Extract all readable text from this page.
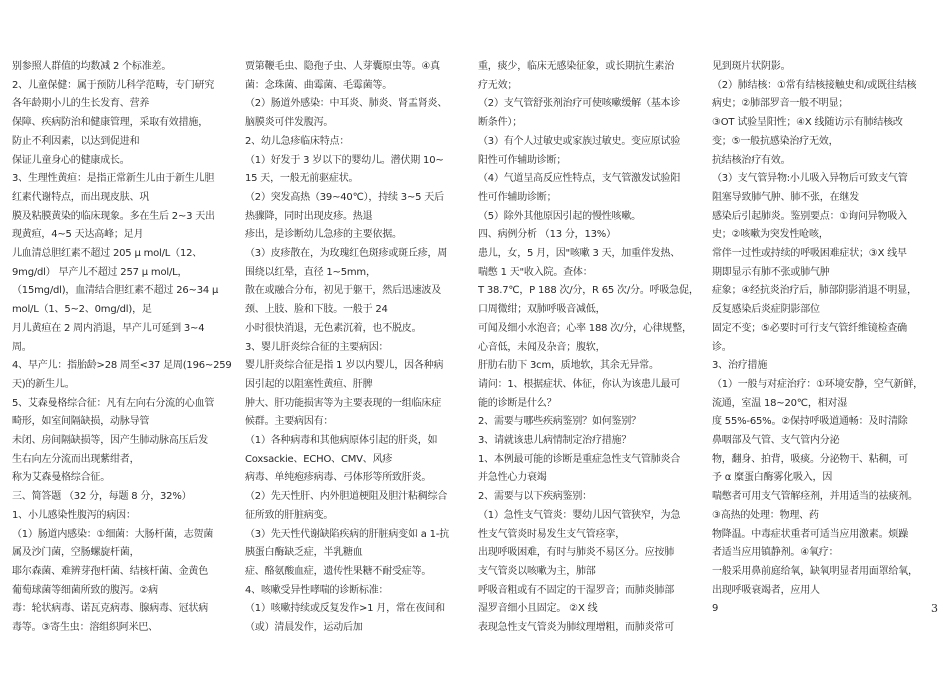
别参照人群值的均数减 2 个标准差。
2、儿童保健：属于预防儿科学范畴，专门研究
各年龄期小儿的生长发育、营养
保障、疾病防治和健康管理，采取有效措施，
防止不利因素，以达到促进和
保证儿童身心的健康成长。
3、生理性黄疸：是指正常新生儿由于新生儿胆
红素代谢特点，而出现皮肤、巩
膜及粘膜黄染的临床现象。多在生后 2~3 天出
现黄疸，4~5 天达高峰；足月
儿血清总胆红素不超过 205 μ mol/L（12、
9mg/dl） 早产儿不超过 257 μ mol/L，
（15mg/dl)，血清结合胆红素不超过 26~34 μ
mol/L（1、5~2、0mg/dl)，足
月儿黄疸在 2 周内消退，早产儿可延到 3~4
周。
4、早产儿：指胎龄>28 周至<37 足周(196~259
天)的新生儿。
5、艾森曼格综合征：凡有左向右分流的心血管
畸形，如室间隔缺损，动脉导管
未闭、房间隔缺损等，因产生肺动脉高压后发
生右向左分流而出现紫绀者，
称为艾森曼格综合征。
三、简答题 （32 分，每题 8 分，32%）
1、小儿感染性腹泻的病因：
（1）肠道内感染：①细菌：大肠杆菌，志贺菌
属及沙门菌，空肠螺旋杆菌，
耶尔森菌、难辨芽孢杆菌、结核杆菌、金黄色
葡萄球菌等细菌所致的腹泻。②病
毒：轮状病毒、诺瓦克病毒、腺病毒、冠状病
毒等。③寄生虫：溶组织阿米巴、
贾第鞭毛虫、隐孢子虫、人芽囊原虫等。④真
菌：念珠菌、曲霉菌、毛霉菌等。
（2）肠道外感染：中耳炎、肺炎、肾盂肾炎、
脑膜炎可伴发腹泻。
2、幼儿急疹临床特点：
（1）好发于 3 岁以下的婴幼儿。潜伏期 10~
15 天，一般无前驱症状。
（2）突发高热（39~40℃），持续 3~5 天后
热骤降，同时出现皮疹。热退
疹出，是诊断幼儿急疹的主要依据。
（3）皮疹散在，为玫瑰红色斑疹或斑丘疹，周
围绕以红晕，直径 1~5mm，
散在或融合分布，初见于躯干，然后迅速波及
颈、上肢、脸和下肢。一般于 24
小时很快消退，无色素沉着，也不脱皮。
3、婴儿肝炎综合征的主要病因：
婴儿肝炎综合征是指 1 岁以内婴儿，因各种病
因引起的以阻塞性黄疸、肝脾
肿大、肝功能损害等为主要表现的一组临床症
候群。主要病因有：
（1）各种病毒和其他病原体引起的肝炎，如
Coxsackie、ECHO、CMV、风疹
病毒、单纯疱疹病毒、弓体形等所致肝炎。
（2）先天性肝、内外胆道梗阻及胆汁粘稠综合
征所致的肝脏病变。
（3）先天性代谢缺陷疾病的肝脏病变如 a 1-抗
胰蛋白酶缺乏症，半乳糖血
症、酪氨酸血症，遗传性果糖不耐受症等。
4、咳嗽受异性哮喘的诊断标准：
（1）咳嗽持续或反复发作>1 月，常在夜间和
（或）清晨发作，运动后加
重，痰少，临床无感染征象，或长期抗生素治
疗无效；
（2）支气管舒张剂治疗可使咳嗽缓解（基本诊
断条件）；
（3）有个人过敏史或家族过敏史。变应原试验
阳性可作辅助诊断；
（4）气道呈高反应性特点，支气管激发试验阳
性可作辅助诊断；
（5）除外其他原因引起的慢性咳嗽。
四、病例分析 （13 分，13%）
患儿，女，5 月，因"咳嗽 3 天，加重伴发热、
喘憋 1 天"收入院。查体：
T 38.7℃，P 188 次/分，R 65 次/分。呼吸急促，
口周微绀；双肺呼吸音减低，
可闻及细小水泡音；心率 188 次/分，心律规整，
心音低，未闻及杂音；腹软，
肝肋右肋下 3cm，质地软，其余无异常。
请问：1、根据症状、体征，你认为该患儿最可
能的诊断是什么？
2、需要与哪些疾病鉴别？如何鉴别？
3、请就该患儿病情制定治疗措施？
1、本例最可能的诊断是重症急性支气管肺炎合
并急性心力衰竭
2、需要与以下疾病鉴别：
（1）急性支气管炎：婴幼儿因气管狭窄，为急
性支气管炎时易发生支气管痉挛，
出现呼吸困难，有时与肺炎不易区分。应按肺
支气管炎以咳嗽为主，肺部
呼吸音粗或有不固定的干湿罗音；而肺炎肺部
湿罗音细小且固定。 ②X 线
表现急性支气管炎为肺纹理增粗，而肺炎常可
见到斑片状阴影。
（2）肺结核：①常有结核接触史和/或既往结核
病史；②肺部罗音一般不明显；
③OT 试验呈阳性；④X 线随访示有肺结核改
变；⑤一般抗感染治疗无效，
抗结核治疗有效。
（3）支气管异物:小儿吸入异物后可致支气管
阻塞导致肺气肿、肺不张，在继发
感染后引起肺炎。鉴别要点：①询问异物吸入
史；②咳嗽为突发性呛咳，
常伴一过性或持续的呼吸困难症状；③X 线早
期即显示有肺不张或肺气肿
症象；④经抗炎治疗后，肺部阴影消退不明显，
反复感染后炎症阴影部位
固定不变；⑤必要时可行支气管纤维镜检查确
诊。
3、治疗措施
（1）一般与对症治疗：①环境安静，空气新鲜，
流通，室温 18~20℃，相对湿
度 55%-65%。②保持呼吸道通畅：及时清除
鼻咽部及气管、支气管内分泌
物，翻身、拍背，吸痰。分泌物干、粘稠，可
予 α 糜蛋白酶雾化吸入，因
喘憋者可用支气管解痉剂，并用适当的祛痰剂。
③高热的处理：物理、药
物降温。中毒症状重者可适当应用激素。烦躁
者适当应用镇静剂。④氧疗：
一般采用鼻前庭给氧，缺氧明显者用面罩给氧，
出现呼吸衰竭者，应用人
9	3
